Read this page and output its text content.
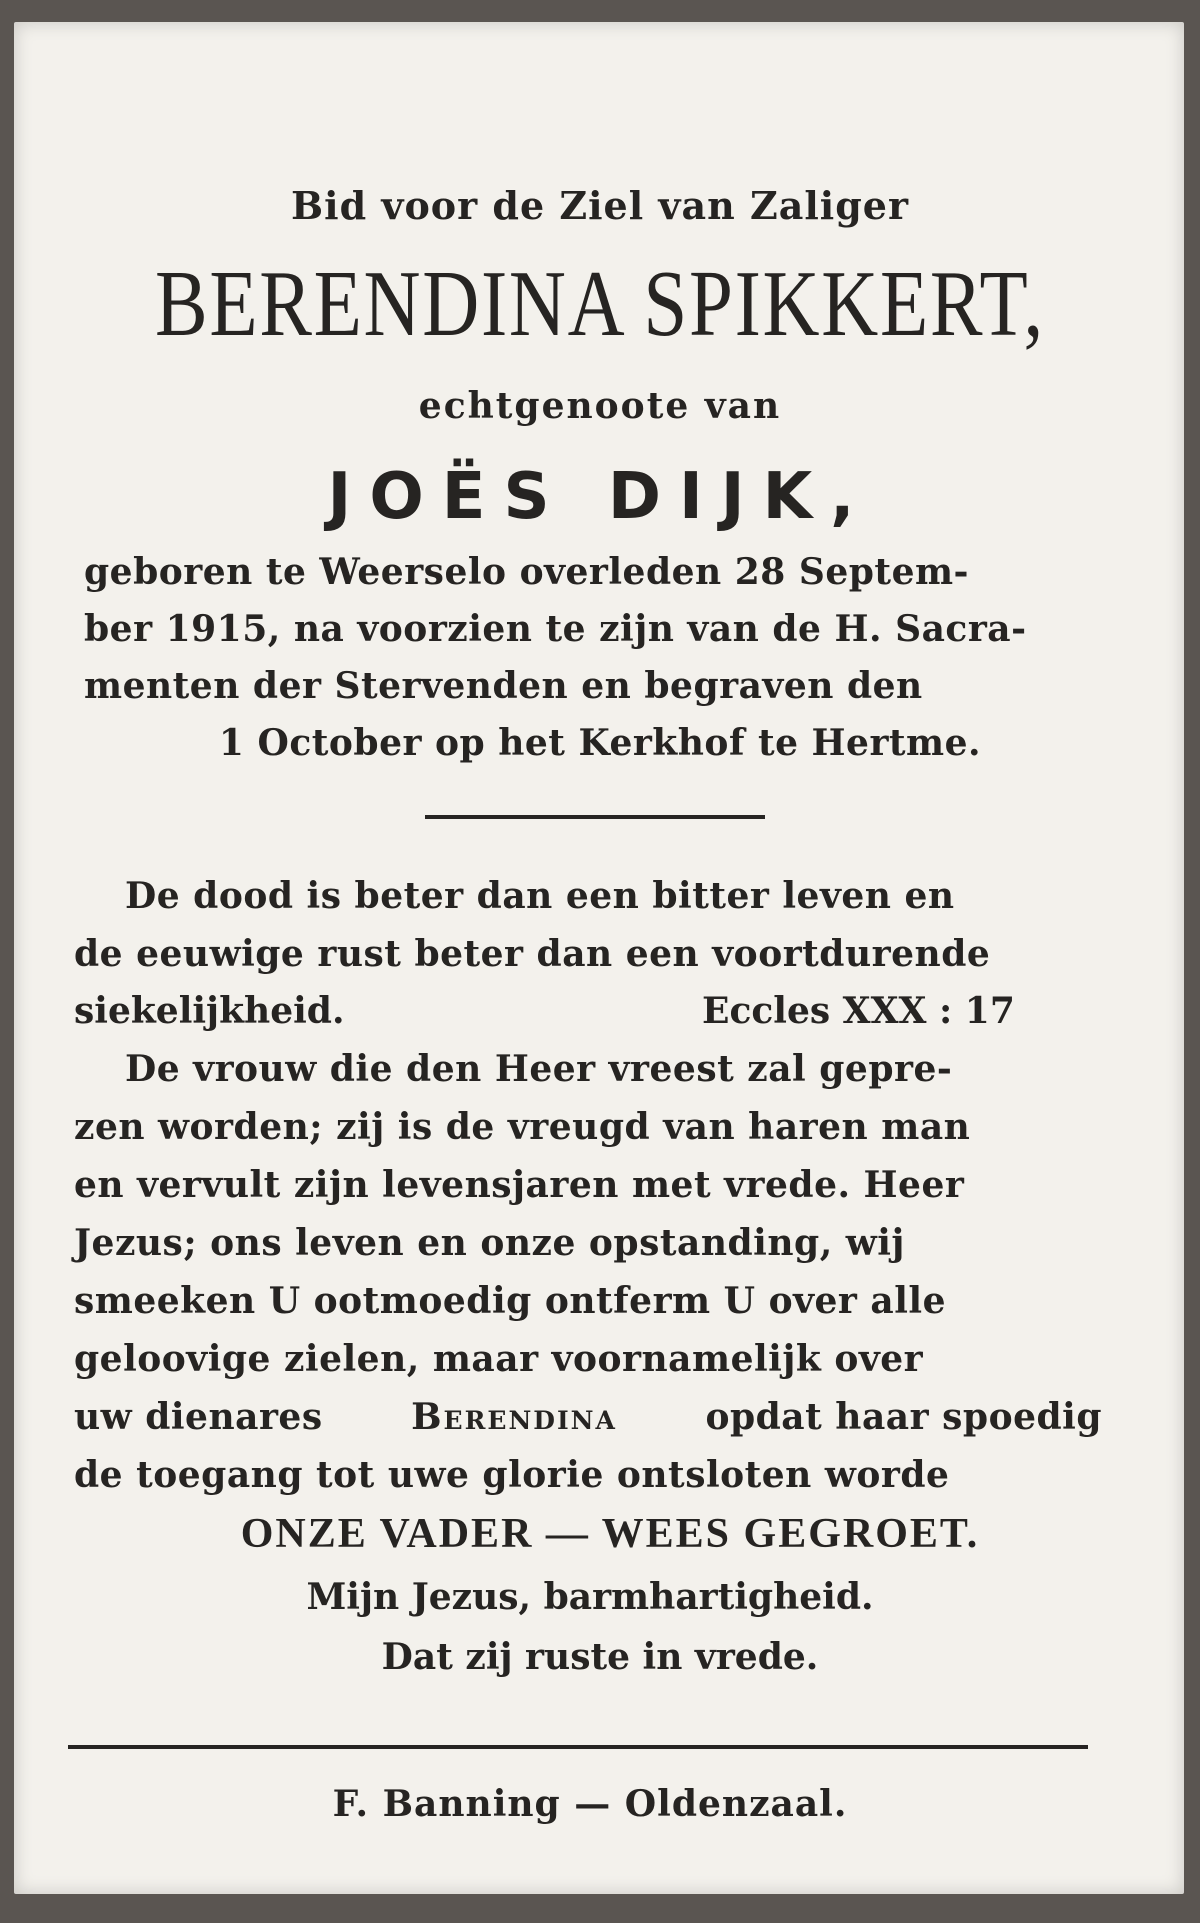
Bid voor de Ziel van Zaliger
BERENDINA SPIKKERT,
echtgenoote van
JOËS DIJK,
geboren te Weerselo overleden 28 Septem-
ber 1915, na voorzien te zijn van de H. Sacra-
menten der Stervenden en begraven den
1 October op het Kerkhof te Hertme.
De dood is beter dan een bitter leven en
de eeuwige rust beter dan een voortdurende
siekelijkheid.	Eccles XXX : 17
De vrouw die den Heer vreest zal gepre-
zen worden; zij is de vreugd van haren man
en vervult zijn levensjaren met vrede. Heer
Jezus; ons leven en onze opstanding, wij
smeeken U ootmoedig ontferm U over alle
geloovige zielen, maar voornamelijk over
uw dienares Berendina opdat haar spoedig
de toegang tot uwe glorie ontsloten worde
ONZE VADER — WEES GEGROET.
Mijn Jezus, barmhartigheid.
Dat zij ruste in vrede.
F. Banning — Oldenzaal.
